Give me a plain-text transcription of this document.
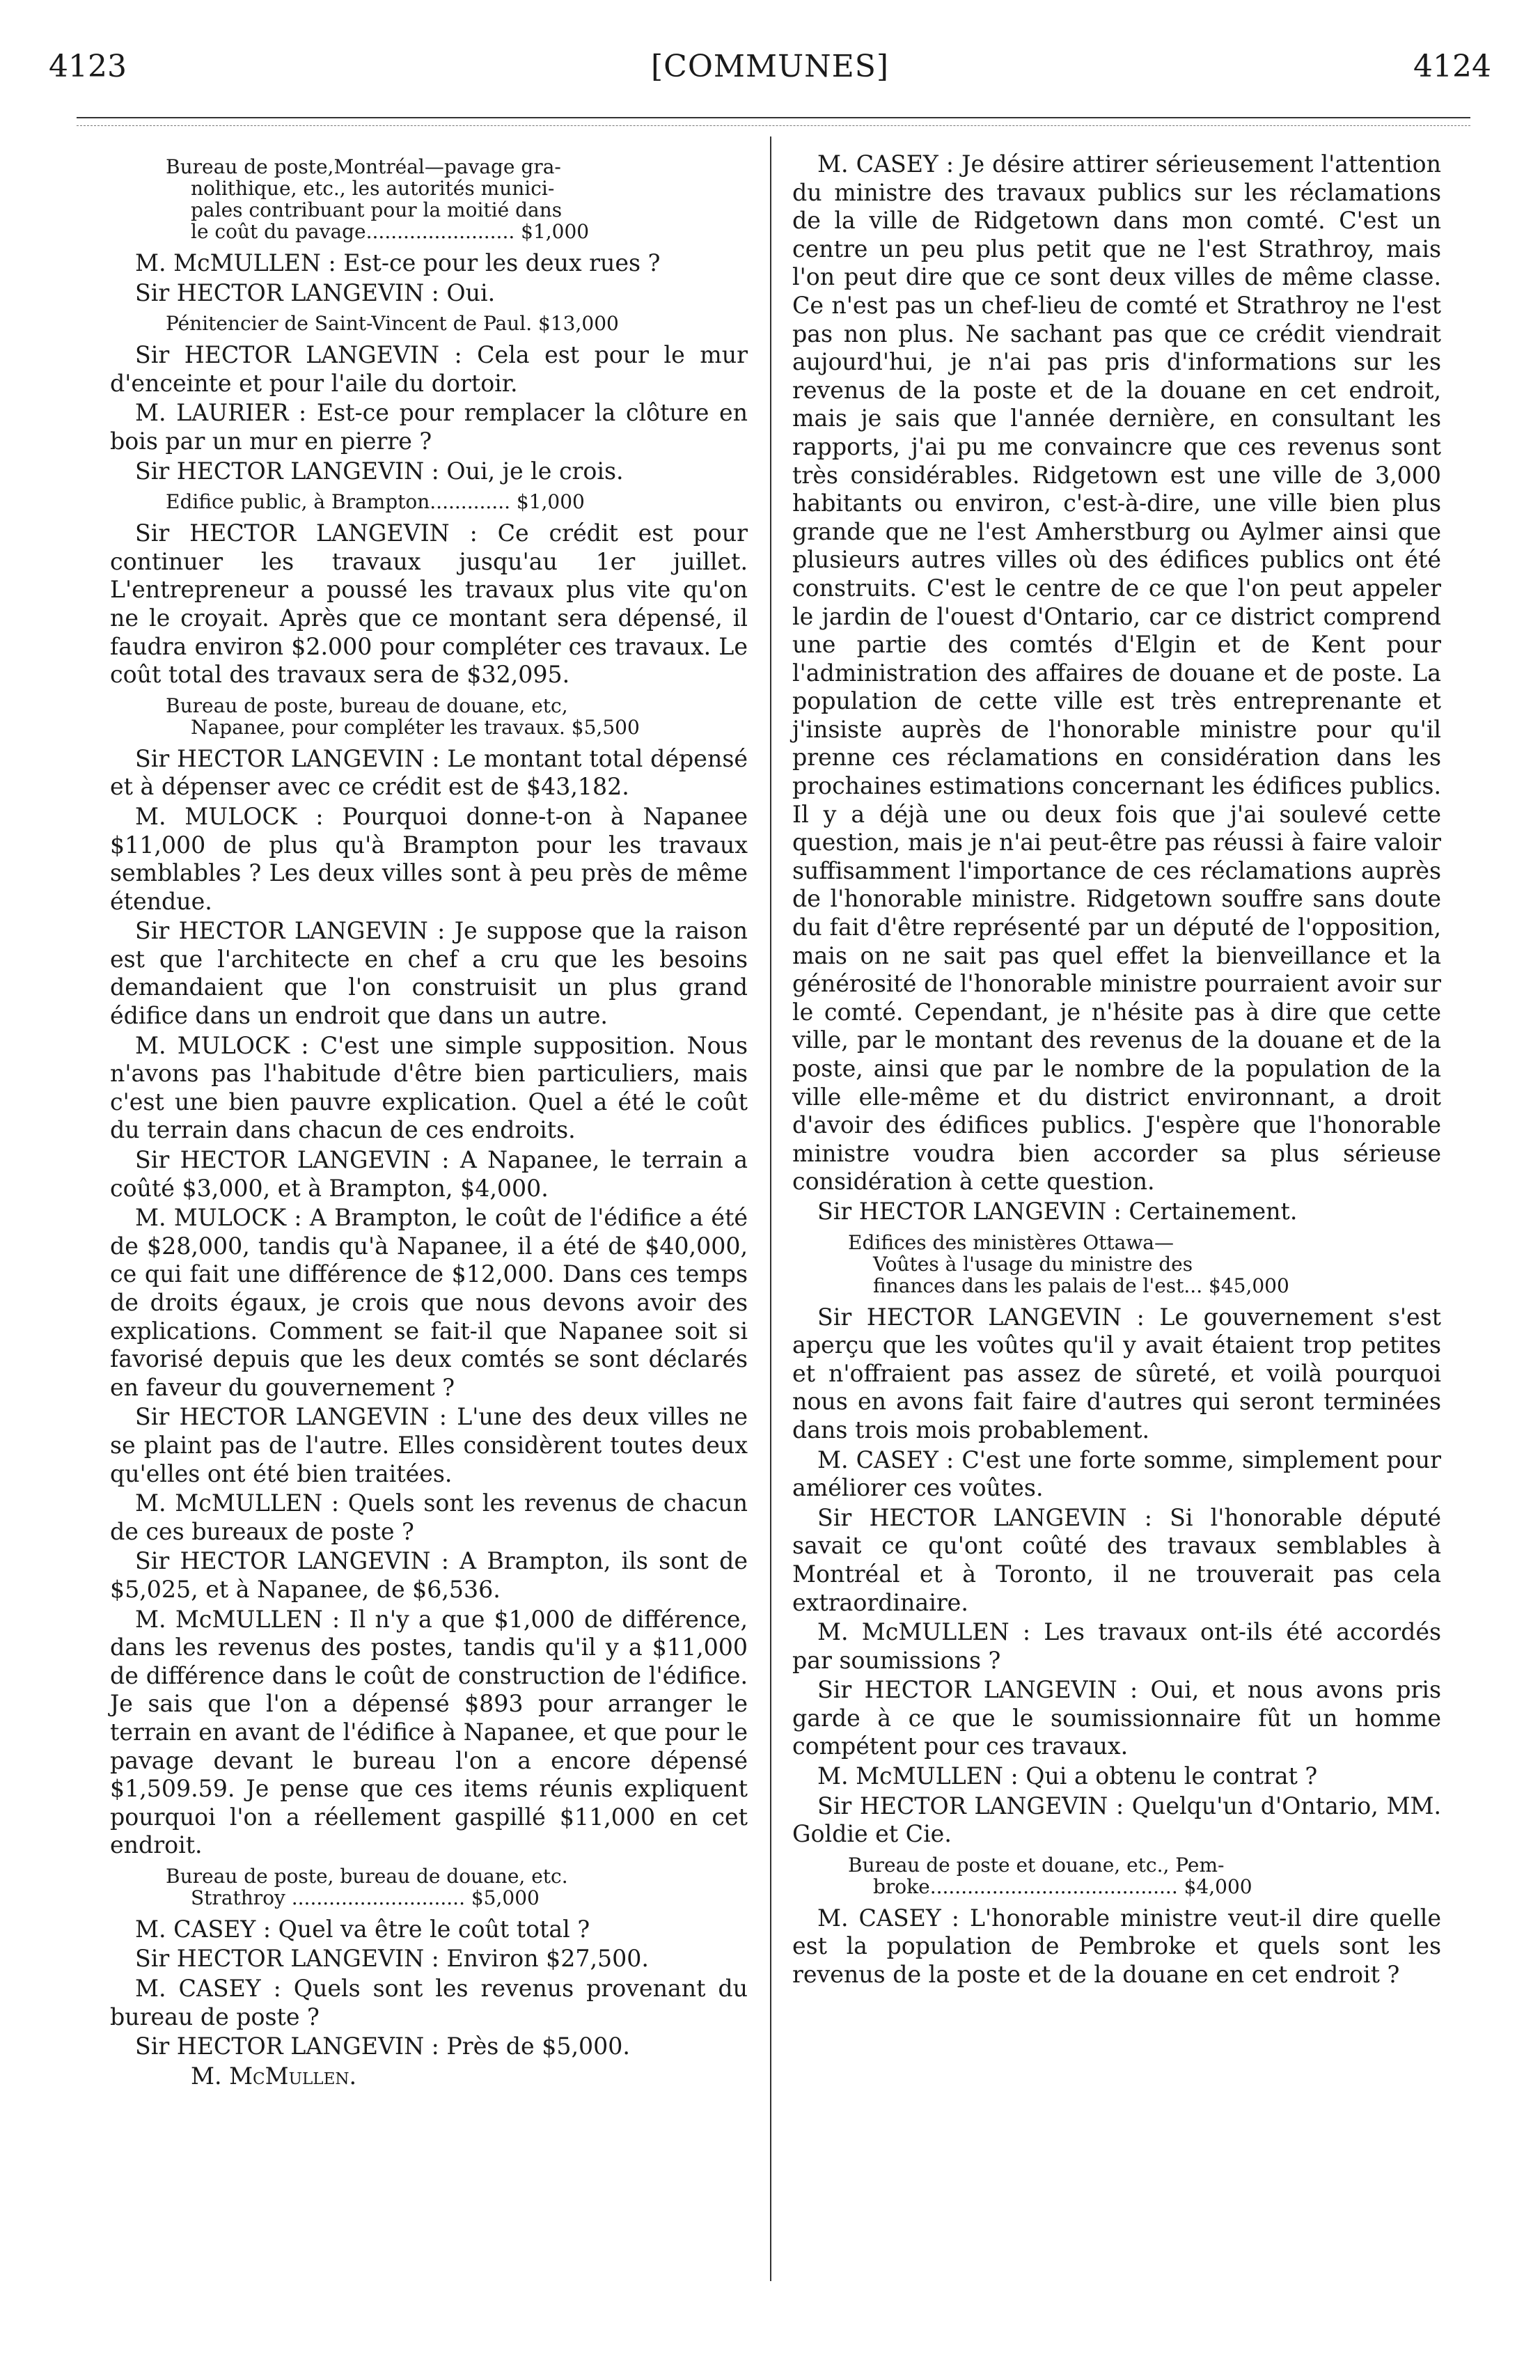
[COMMUNES]
4123	4124
Bureau de poste,Montréal—pavage gra-
nolithique, etc., les autorités munici-
pales contribuant pour la moitié dans
le coût du pavage........................ $1,000

M. McMULLEN : Est-ce pour les deux rues ?

Sir HECTOR LANGEVIN : Oui.

Pénitencier de Saint-Vincent de Paul. $13,000

Sir HECTOR LANGEVIN : Cela est pour le mur d'enceinte et pour l'aile du dortoir.

M. LAURIER : Est-ce pour remplacer la clôture en bois par un mur en pierre ?

Sir HECTOR LANGEVIN : Oui, je le crois.

Edifice public, à Brampton............. $1,000

Sir HECTOR LANGEVIN : Ce crédit est pour continuer les travaux jusqu'au 1er juillet. L'entrepreneur a poussé les travaux plus vite qu'on ne le croyait. Après que ce montant sera dépensé, il faudra environ $2.000 pour compléter ces travaux. Le coût total des travaux sera de $32,095.

Bureau de poste, bureau de douane, etc,
Napanee, pour compléter les travaux. $5,500

Sir HECTOR LANGEVIN : Le montant total dépensé et à dépenser avec ce crédit est de $43,182.

M. MULOCK : Pourquoi donne-t-on à Napanee $11,000 de plus qu'à Brampton pour les travaux semblables ? Les deux villes sont à peu près de même étendue.

Sir HECTOR LANGEVIN : Je suppose que la raison est que l'architecte en chef a cru que les besoins demandaient que l'on construisit un plus grand édifice dans un endroit que dans un autre.

M. MULOCK : C'est une simple supposition. Nous n'avons pas l'habitude d'être bien particuliers, mais c'est une bien pauvre explication. Quel a été le coût du terrain dans chacun de ces endroits.

Sir HECTOR LANGEVIN : A Napanee, le terrain a coûté $3,000, et à Brampton, $4,000.

M. MULOCK : A Brampton, le coût de l'édifice a été de $28,000, tandis qu'à Napanee, il a été de $40,000, ce qui fait une différence de $12,000. Dans ces temps de droits égaux, je crois que nous devons avoir des explications. Comment se fait-il que Napanee soit si favorisé depuis que les deux comtés se sont déclarés en faveur du gouvernement ?

Sir HECTOR LANGEVIN : L'une des deux villes ne se plaint pas de l'autre. Elles considèrent toutes deux qu'elles ont été bien traitées.

M. McMULLEN : Quels sont les revenus de chacun de ces bureaux de poste ?

Sir HECTOR LANGEVIN : A Brampton, ils sont de $5,025, et à Napanee, de $6,536.

M. McMULLEN : Il n'y a que $1,000 de différence, dans les revenus des postes, tandis qu'il y a $11,000 de différence dans le coût de construction de l'édifice. Je sais que l'on a dépensé $893 pour arranger le terrain en avant de l'édifice à Napanee, et que pour le pavage devant le bureau l'on a encore dépensé $1,509.59. Je pense que ces items réunis expliquent pourquoi l'on a réellement gaspillé $11,000 en cet endroit.

Bureau de poste, bureau de douane, etc.
Strathroy ............................ $5,000

M. CASEY : Quel va être le coût total ?

Sir HECTOR LANGEVIN : Environ $27,500.

M. CASEY : Quels sont les revenus provenant du bureau de poste ?

Sir HECTOR LANGEVIN : Près de $5,000.

M. McMullen.

M. CASEY : Je désire attirer sérieusement l'attention du ministre des travaux publics sur les réclamations de la ville de Ridgetown dans mon comté. C'est un centre un peu plus petit que ne l'est Strathroy, mais l'on peut dire que ce sont deux villes de même classe. Ce n'est pas un chef-lieu de comté et Strathroy ne l'est pas non plus. Ne sachant pas que ce crédit viendrait aujourd'hui, je n'ai pas pris d'informations sur les revenus de la poste et de la douane en cet endroit, mais je sais que l'année dernière, en consultant les rapports, j'ai pu me convaincre que ces revenus sont très considérables. Ridgetown est une ville de 3,000 habitants ou environ, c'est-à-dire, une ville bien plus grande que ne l'est Amherstburg ou Aylmer ainsi que plusieurs autres villes où des édifices publics ont été construits. C'est le centre de ce que l'on peut appeler le jardin de l'ouest d'Ontario, car ce district comprend une partie des comtés d'Elgin et de Kent pour l'administration des affaires de douane et de poste. La population de cette ville est très entreprenante et j'insiste auprès de l'honorable ministre pour qu'il prenne ces réclamations en considération dans les prochaines estimations concernant les édifices publics. Il y a déjà une ou deux fois que j'ai soulevé cette question, mais je n'ai peut-être pas réussi à faire valoir suffisamment l'importance de ces réclamations auprès de l'honorable ministre. Ridgetown souffre sans doute du fait d'être représenté par un député de l'opposition, mais on ne sait pas quel effet la bienveillance et la générosité de l'honorable ministre pourraient avoir sur le comté. Cependant, je n'hésite pas à dire que cette ville, par le montant des revenus de la douane et de la poste, ainsi que par le nombre de la population de la ville elle-même et du district environnant, a droit d'avoir des édifices publics. J'espère que l'honorable ministre voudra bien accorder sa plus sérieuse considération à cette question.

Sir HECTOR LANGEVIN : Certainement.

Edifices des ministères Ottawa—
Voûtes à l'usage du ministre des
finances dans les palais de l'est... $45,000

Sir HECTOR LANGEVIN : Le gouvernement s'est aperçu que les voûtes qu'il y avait étaient trop petites et n'offraient pas assez de sûreté, et voilà pourquoi nous en avons fait faire d'autres qui seront terminées dans trois mois probablement.

M. CASEY : C'est une forte somme, simplement pour améliorer ces voûtes.

Sir HECTOR LANGEVIN : Si l'honorable député savait ce qu'ont coûté des travaux semblables à Montréal et à Toronto, il ne trouverait pas cela extraordinaire.

M. McMULLEN : Les travaux ont-ils été accordés par soumissions ?

Sir HECTOR LANGEVIN : Oui, et nous avons pris garde à ce que le soumissionnaire fût un homme compétent pour ces travaux.

M. McMULLEN : Qui a obtenu le contrat ?

Sir HECTOR LANGEVIN : Quelqu'un d'Ontario, MM. Goldie et Cie.

Bureau de poste et douane, etc., Pem-
broke........................................ $4,000

M. CASEY : L'honorable ministre veut-il dire quelle est la population de Pembroke et quels sont les revenus de la poste et de la douane en cet endroit ?
